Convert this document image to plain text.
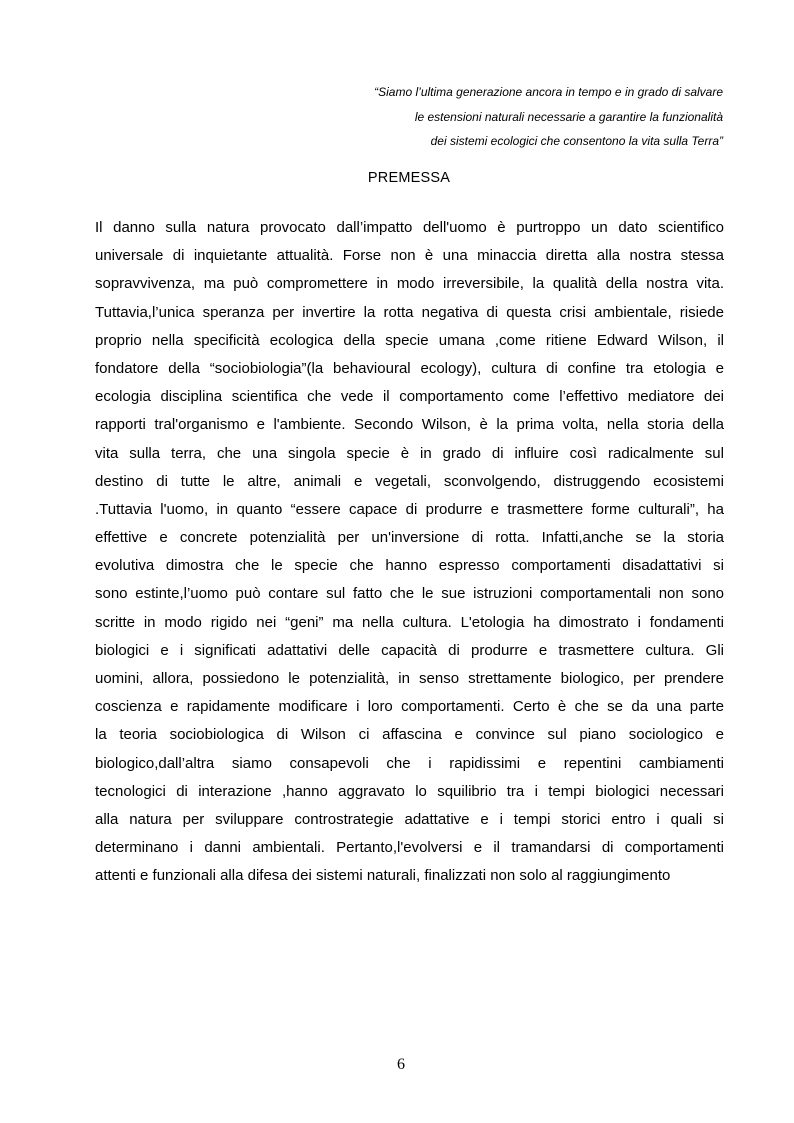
“Siamo l’ultima generazione ancora in tempo e in grado di salvare
le estensioni naturali necessarie a garantire la funzionalità
dei sistemi ecologici che consentono la vita sulla Terra”
PREMESSA
Il danno sulla natura provocato dall’impatto dell'uomo è purtroppo un dato scientifico
universale di inquietante attualità. Forse non è una minaccia diretta alla nostra stessa
sopravvivenza, ma può compromettere in modo irreversibile, la qualità della nostra vita.
Tuttavia,l’unica speranza per invertire la rotta negativa di questa crisi ambientale, risiede
proprio nella specificità ecologica della specie umana ,come ritiene Edward Wilson, il
fondatore della “sociobiologia”(la behavioural ecology), cultura di confine tra etologia e
ecologia disciplina scientifica che vede il comportamento come l’effettivo mediatore dei
rapporti tral'organismo e l'ambiente. Secondo Wilson, è la prima volta, nella storia della
vita sulla terra, che una singola specie è in grado di influire così radicalmente sul
destino di tutte le altre, animali e vegetali, sconvolgendo, distruggendo ecosistemi
.Tuttavia l'uomo, in quanto “essere capace di produrre e trasmettere forme culturali”, ha
effettive e concrete potenzialità per un'inversione di rotta. Infatti,anche se la storia
evolutiva dimostra che le specie che hanno espresso comportamenti disadattativi si
sono estinte,l’uomo può contare sul fatto che le sue istruzioni comportamentali non sono
scritte in modo rigido nei “geni” ma nella cultura. L'etologia ha dimostrato i fondamenti
biologici e i significati adattativi delle capacità di produrre e trasmettere cultura. Gli
uomini, allora, possiedono le potenzialità, in senso strettamente biologico, per prendere
coscienza e rapidamente modificare i loro comportamenti. Certo è che se da una parte
la teoria sociobiologica di Wilson ci affascina e convince sul piano sociologico e
biologico,dall’altra siamo consapevoli che i rapidissimi e repentini cambiamenti
tecnologici di interazione ,hanno aggravato lo squilibrio tra i tempi biologici necessari
alla natura per sviluppare controstrategie adattative e i tempi storici entro i quali si
determinano i danni ambientali. Pertanto,l'evolversi e il tramandarsi di comportamenti
attenti e funzionali alla difesa dei sistemi naturali, finalizzati non solo al raggiungimento
6
